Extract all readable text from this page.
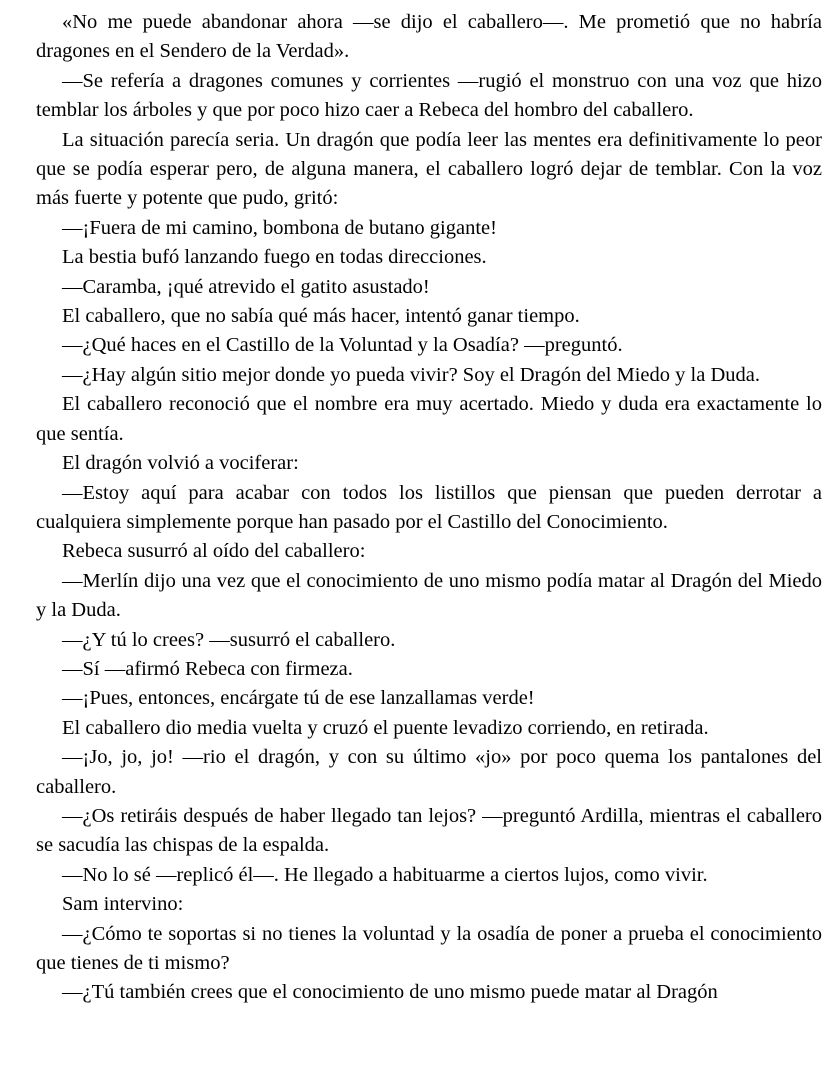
«No me puede abandonar ahora —se dijo el caballero—. Me prometió que no habría dragones en el Sendero de la Verdad».

—Se refería a dragones comunes y corrientes —rugió el monstruo con una voz que hizo temblar los árboles y que por poco hizo caer a Rebeca del hombro del caballero.

La situación parecía seria. Un dragón que podía leer las mentes era definitivamente lo peor que se podía esperar pero, de alguna manera, el caballero logró dejar de temblar. Con la voz más fuerte y potente que pudo, gritó:

—¡Fuera de mi camino, bombona de butano gigante!

La bestia bufó lanzando fuego en todas direcciones.

—Caramba, ¡qué atrevido el gatito asustado!

El caballero, que no sabía qué más hacer, intentó ganar tiempo.

—¿Qué haces en el Castillo de la Voluntad y la Osadía? —preguntó.

—¿Hay algún sitio mejor donde yo pueda vivir? Soy el Dragón del Miedo y la Duda.

El caballero reconoció que el nombre era muy acertado. Miedo y duda era exactamente lo que sentía.

El dragón volvió a vociferar:

—Estoy aquí para acabar con todos los listillos que piensan que pueden derrotar a cualquiera simplemente porque han pasado por el Castillo del Conocimiento.

Rebeca susurró al oído del caballero:

—Merlín dijo una vez que el conocimiento de uno mismo podía matar al Dragón del Miedo y la Duda.

—¿Y tú lo crees? —susurró el caballero.

—Sí —afirmó Rebeca con firmeza.

—¡Pues, entonces, encárgate tú de ese lanzallamas verde!

El caballero dio media vuelta y cruzó el puente levadizo corriendo, en retirada.

—¡Jo, jo, jo! —rio el dragón, y con su último «jo» por poco quema los pantalones del caballero.

—¿Os retiráis después de haber llegado tan lejos? —preguntó Ardilla, mientras el caballero se sacudía las chispas de la espalda.

—No lo sé —replicó él—. He llegado a habituarme a ciertos lujos, como vivir.

Sam intervino:

—¿Cómo te soportas si no tienes la voluntad y la osadía de poner a prueba el conocimiento que tienes de ti mismo?

—¿Tú también crees que el conocimiento de uno mismo puede matar al Dragón
